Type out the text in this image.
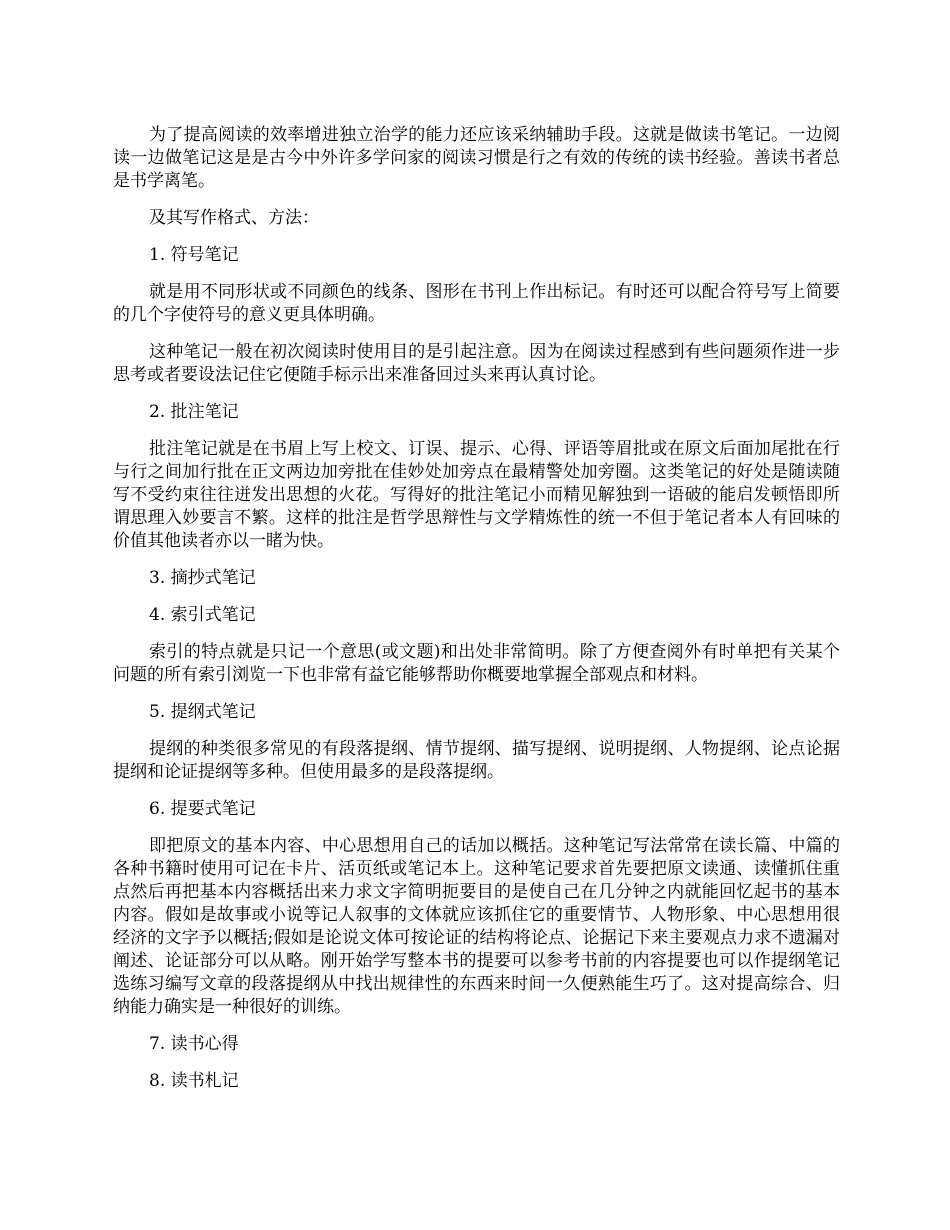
为了提高阅读的效率增进独立治学的能力还应该采纳辅助手段。这就是做读书笔记。一边阅读一边做笔记这是是古今中外许多学问家的阅读习惯是行之有效的传统的读书经验。善读书者总是书学离笔。

及其写作格式、方法：

1. 符号笔记

就是用不同形状或不同颜色的线条、图形在书刊上作出标记。有时还可以配合符号写上简要的几个字使符号的意义更具体明确。

这种笔记一般在初次阅读时使用目的是引起注意。因为在阅读过程感到有些问题须作进一步思考或者要设法记住它便随手标示出来准备回过头来再认真讨论。

2. 批注笔记

批注笔记就是在书眉上写上校文、订误、提示、心得、评语等眉批或在原文后面加尾批在行与行之间加行批在正文两边加旁批在佳妙处加旁点在最精警处加旁圈。这类笔记的好处是随读随写不受约束往往迸发出思想的火花。写得好的批注笔记小而精见解独到一语破的能启发顿悟即所谓思理入妙要言不繁。这样的批注是哲学思辩性与文学精炼性的统一不但于笔记者本人有回味的价值其他读者亦以一睹为快。

3. 摘抄式笔记

4. 索引式笔记

索引的特点就是只记一个意思(或文题)和出处非常简明。除了方便查阅外有时单把有关某个问题的所有索引浏览一下也非常有益它能够帮助你概要地掌握全部观点和材料。

5. 提纲式笔记

提纲的种类很多常见的有段落提纲、情节提纲、描写提纲、说明提纲、人物提纲、论点论据提纲和论证提纲等多种。但使用最多的是段落提纲。

6. 提要式笔记

即把原文的基本内容、中心思想用自己的话加以概括。这种笔记写法常常在读长篇、中篇的各种书籍时使用可记在卡片、活页纸或笔记本上。这种笔记要求首先要把原文读通、读懂抓住重点然后再把基本内容概括出来力求文字简明扼要目的是使自己在几分钟之内就能回忆起书的基本内容。假如是故事或小说等记人叙事的文体就应该抓住它的重要情节、人物形象、中心思想用很经济的文字予以概括;假如是论说文体可按论证的结构将论点、论据记下来主要观点力求不遗漏对阐述、论证部分可以从略。刚开始学写整本书的提要可以参考书前的内容提要也可以作提纲笔记选练习编写文章的段落提纲从中找出规律性的东西来时间一久便熟能生巧了。这对提高综合、归纳能力确实是一种很好的训练。

7. 读书心得

8. 读书札记
